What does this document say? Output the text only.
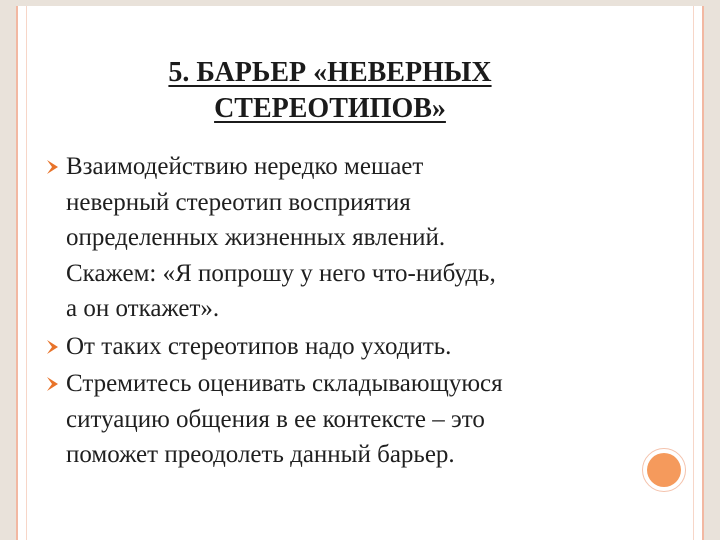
5. БАРЬЕР «НЕВЕРНЫХ
СТЕРЕОТИПОВ»
Взаимодействию нередко мешает
неверный стереотип восприятия
определенных жизненных явлений.
Скажем: «Я попрошу у него что-нибудь,
а он откажет».
От таких стереотипов надо уходить.
Стремитесь оценивать складывающуюся
ситуацию общения в ее контексте – это
поможет преодолеть данный барьер.
